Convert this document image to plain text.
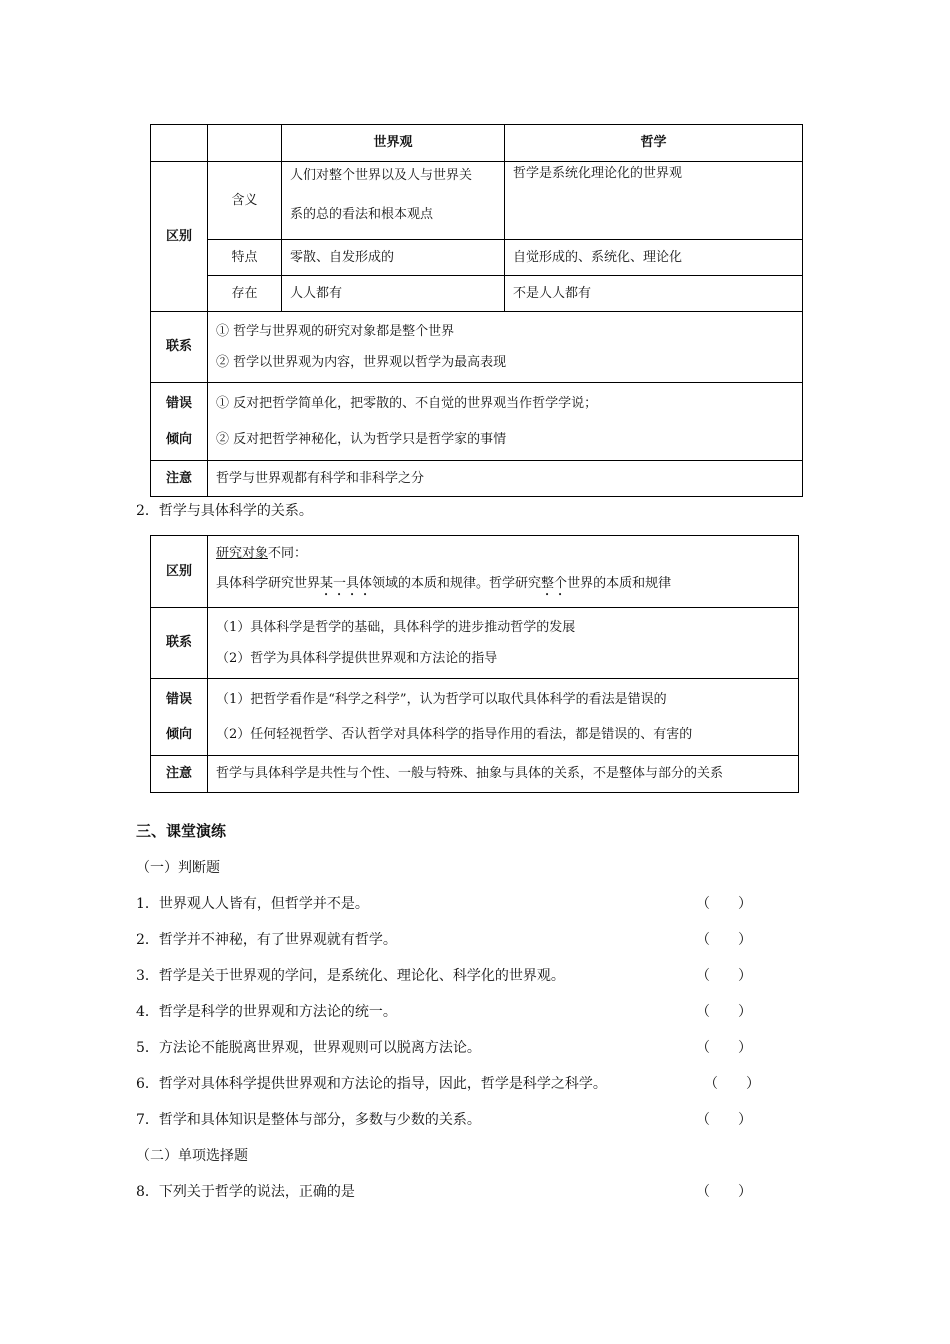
		世界观	哲学
区别	含义	人们对整个世界以及人与世界关
系的总的看法和根本观点	哲学是系统化理论化的世界观
	特点	零散、自发形成的	自觉形成的、系统化、理论化
	存在	人人都有	不是人人都有
联系	① 哲学与世界观的研究对象都是整个世界
② 哲学以世界观为内容，世界观以哲学为最高表现		

错误
倾向	① 反对把哲学简单化，把零散的、不自觉的世界观当作哲学学说；
② 反对把哲学神秘化，认为哲学只是哲学家的事情		

注意	哲学与世界观都有科学和非科学之分		
2．哲学与具体科学的关系。
区别	研究对象不同：
具体科学研究世界某一具体领域的本质和规律。哲学研究整个世界的本质和规律

联系	（1）具体科学是哲学的基础，具体科学的进步推动哲学的发展
（2）哲学为具体科学提供世界观和方法论的指导

错误
倾向	（1）把哲学看作是“科学之科学”，认为哲学可以取代具体科学的看法是错误的
（2）任何轻视哲学、否认哲学对具体科学的指导作用的看法，都是错误的、有害的

注意	哲学与具体科学是共性与个性、一般与特殊、抽象与具体的关系，不是整体与部分的关系
三、课堂演练
（一）判断题
1．世界观人人皆有，但哲学并不是。	（　　）
2．哲学并不神秘，有了世界观就有哲学。	（　　）
3．哲学是关于世界观的学问，是系统化、理论化、科学化的世界观。	（　　）
4．哲学是科学的世界观和方法论的统一。	（　　）
5．方法论不能脱离世界观，世界观则可以脱离方法论。	（　　）
6．哲学对具体科学提供世界观和方法论的指导，因此，哲学是科学之科学。	（　　）
7．哲学和具体知识是整体与部分，多数与少数的关系。	（　　）
（二）单项选择题
8．下列关于哲学的说法，正确的是	（　　）
